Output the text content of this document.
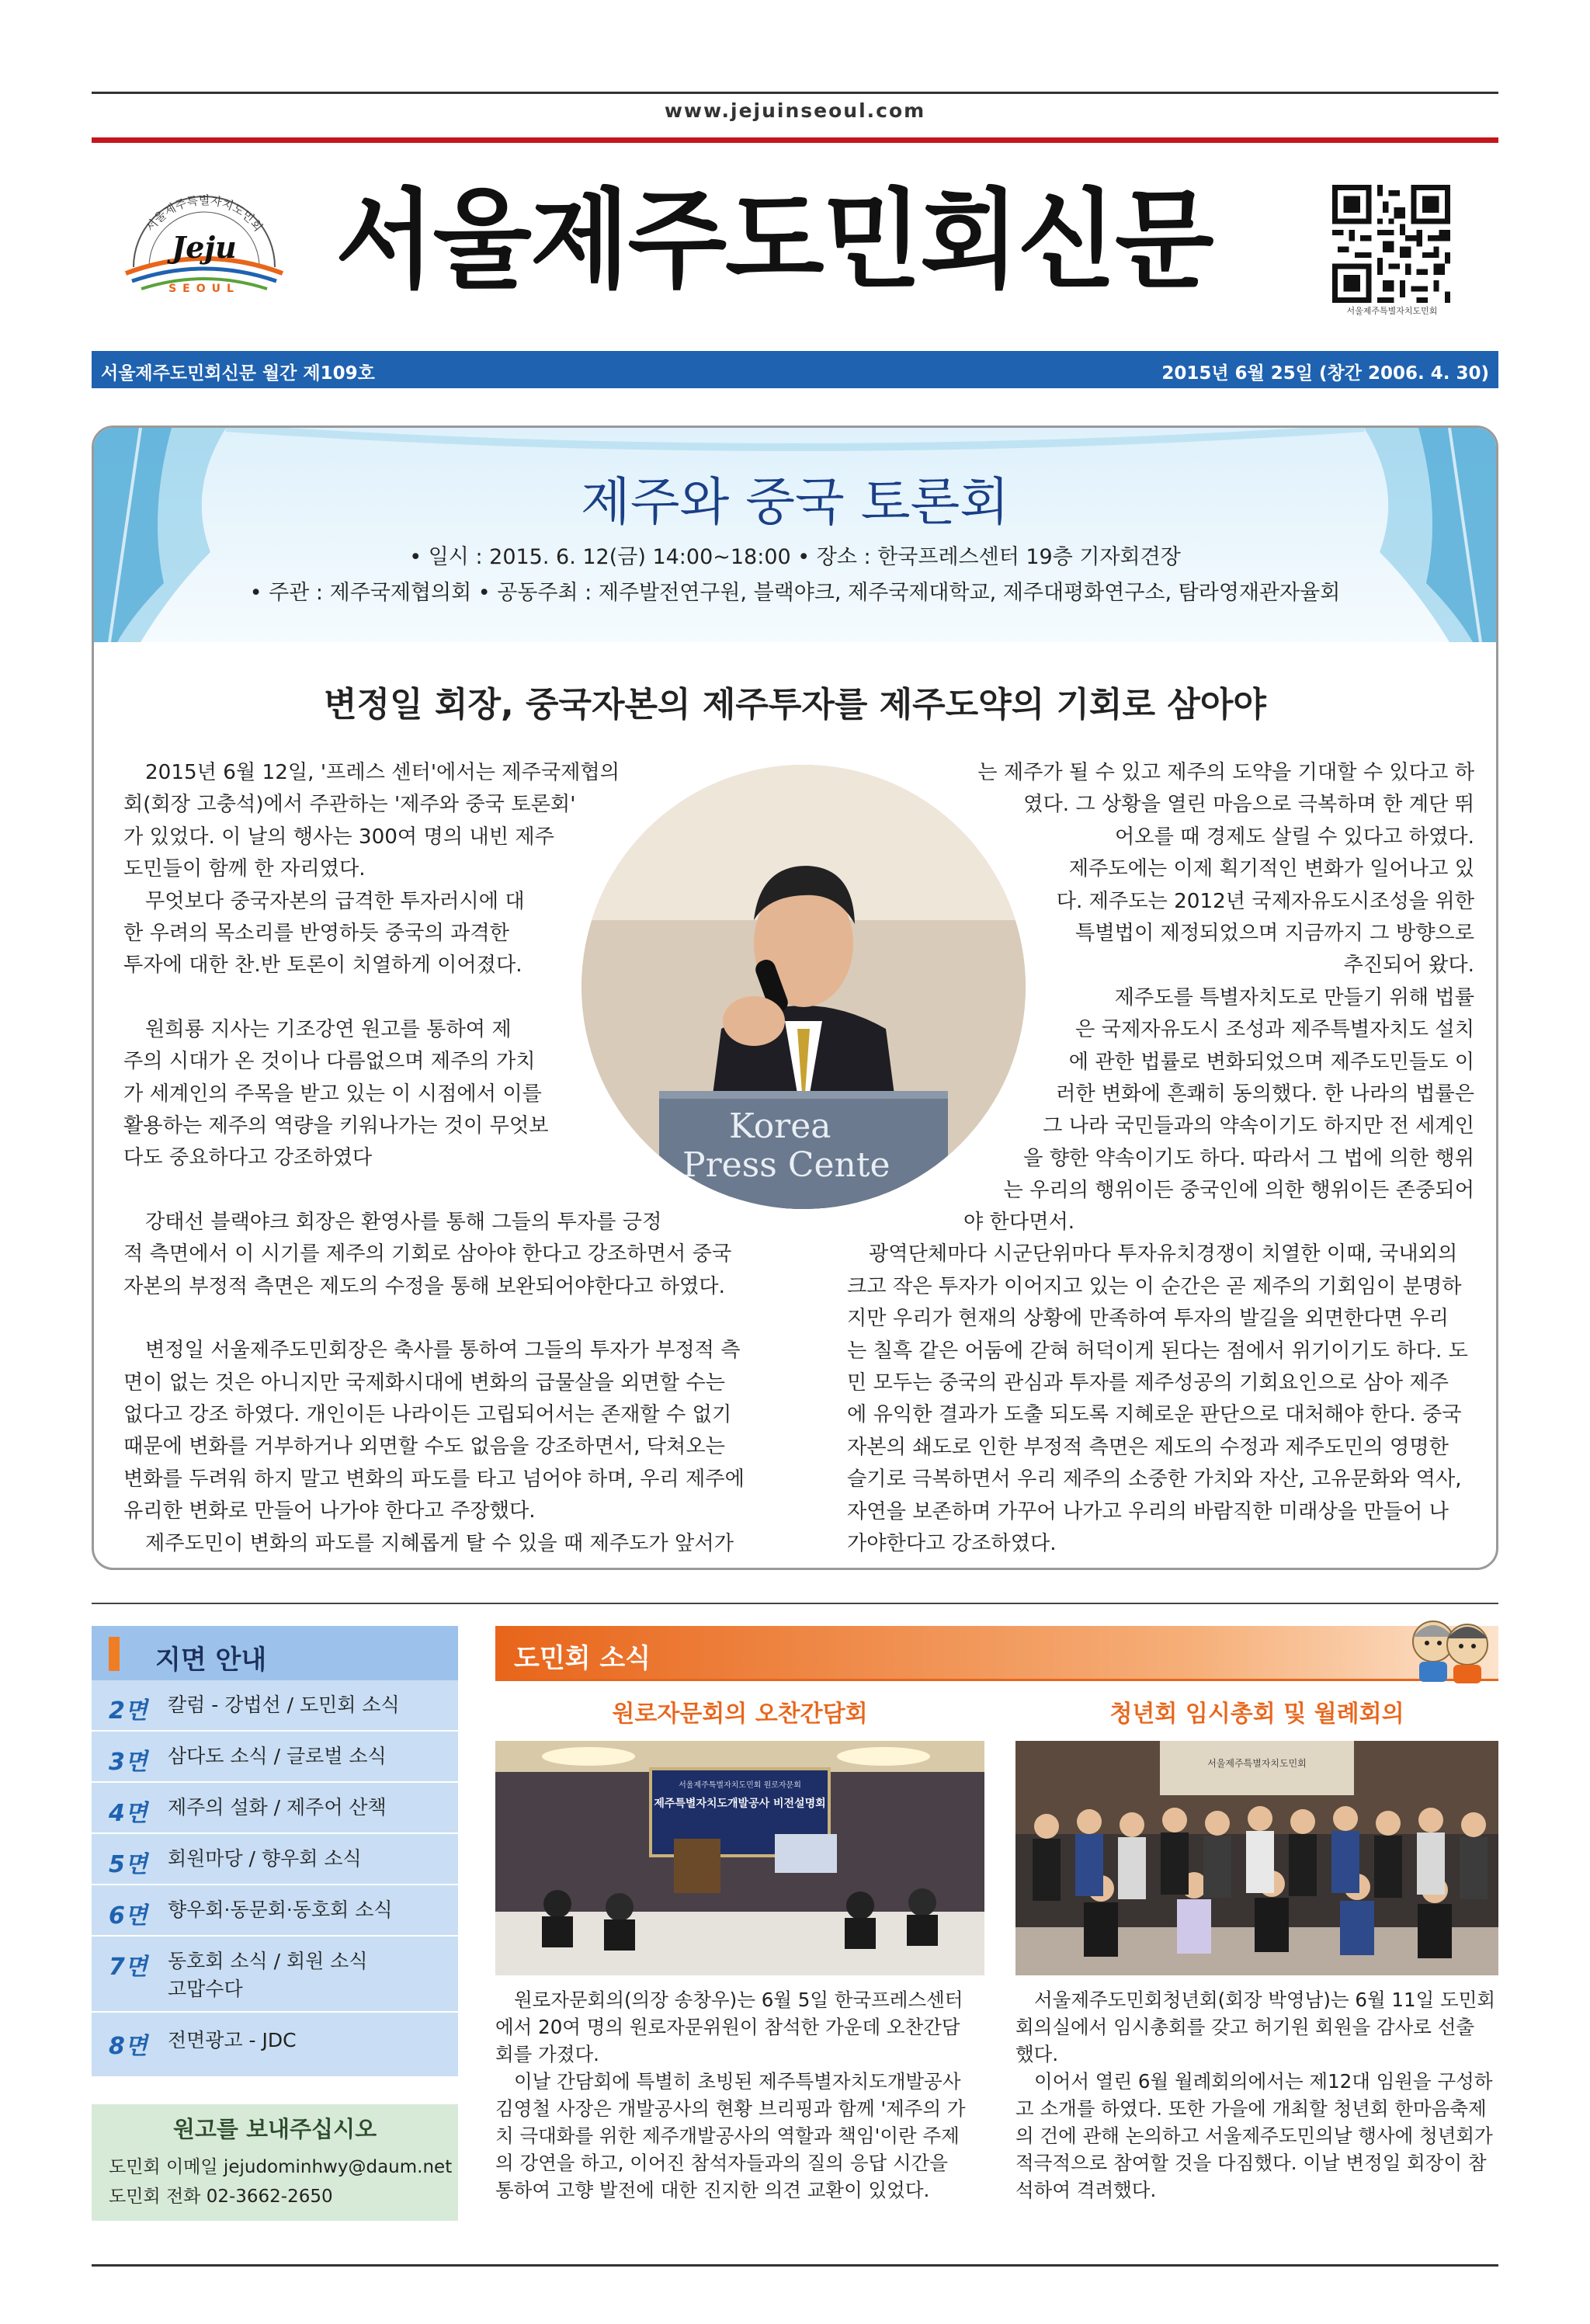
www.jejuinseoul.com
서울제주특별자치도민회
Jeju
SEOUL 서울제주도민회신문
서울제주특별자치도민회
서울제주도민회신문 월간 제109호	2015년 6월 25일 (창간 2006. 4. 30)
제주와 중국 토론회
• 일시 : 2015. 6. 12(금) 14:00~18:00 • 장소 : 한국프레스센터 19층 기자회견장
• 주관 : 제주국제협의회 • 공동주최 : 제주발전연구원, 블랙야크, 제주국제대학교, 제주대평화연구소, 탐라영재관자율회
변정일 회장, 중국자본의 제주투자를 제주도약의 기회로 삼아야

2015년 6월 12일, '프레스 센터'에서는 제주국제협의

회(회장 고충석)에서 주관하는 '제주와 중국 토론회'

가 있었다. 이 날의 행사는 300여 명의 내빈 제주

도민들이 함께 한 자리였다.

무엇보다 중국자본의 급격한 투자러시에 대

한 우려의 목소리를 반영하듯 중국의 과격한

투자에 대한 찬.반 토론이 치열하게 이어졌다.

원희룡 지사는 기조강연 원고를 통하여 제

주의 시대가 온 것이나 다름없으며 제주의 가치

가 세계인의 주목을 받고 있는 이 시점에서 이를

활용하는 제주의 역량을 키워나가는 것이 무엇보

다도 중요하다고 강조하였다

강태선 블랙야크 회장은 환영사를 통해 그들의 투자를 긍정

적 측면에서 이 시기를 제주의 기회로 삼아야 한다고 강조하면서 중국

자본의 부정적 측면은 제도의 수정을 통해 보완되어야한다고 하였다.

변정일 서울제주도민회장은 축사를 통하여 그들의 투자가 부정적 측

면이 없는 것은 아니지만 국제화시대에 변화의 급물살을 외면할 수는

없다고 강조 하였다. 개인이든 나라이든 고립되어서는 존재할 수 없기

때문에 변화를 거부하거나 외면할 수도 없음을 강조하면서, 닥쳐오는

변화를 두려워 하지 말고 변화의 파도를 타고 넘어야 하며, 우리 제주에

유리한 변화로 만들어 나가야 한다고 주장했다.

제주도민이 변화의 파도를 지혜롭게 탈 수 있을 때 제주도가 앞서가

는 제주가 될 수 있고 제주의 도약을 기대할 수 있다고 하

였다. 그 상황을 열린 마음으로 극복하며 한 계단 뛰

어오를 때 경제도 살릴 수 있다고 하였다.

제주도에는 이제 획기적인 변화가 일어나고 있

다. 제주도는 2012년 국제자유도시조성을 위한

특별법이 제정되었으며 지금까지 그 방향으로

추진되어 왔다.

제주도를 특별자치도로 만들기 위해 법률

은 국제자유도시 조성과 제주특별자치도 설치

에 관한 법률로 변화되었으며 제주도민들도 이

러한 변화에 흔쾌히 동의했다. 한 나라의 법률은

그 나라 국민들과의 약속이기도 하지만 전 세계인

을 향한 약속이기도 하다. 따라서 그 법에 의한 행위

는 우리의 행위이든 중국인에 의한 행위이든 존중되어

야 한다면서.

광역단체마다 시군단위마다 투자유치경쟁이 치열한 이때, 국내외의

크고 작은 투자가 이어지고 있는 이 순간은 곧 제주의 기회임이 분명하

지만 우리가 현재의 상황에 만족하여 투자의 발길을 외면한다면 우리

는 칠흑 같은 어둠에 갇혀 허덕이게 된다는 점에서 위기이기도 하다. 도

민 모두는 중국의 관심과 투자를 제주성공의 기회요인으로 삼아 제주

에 유익한 결과가 도출 되도록 지혜로운 판단으로 대처해야 한다. 중국

자본의 쇄도로 인한 부정적 측면은 제도의 수정과 제주도민의 영명한

슬기로 극복하면서 우리 제주의 소중한 가치와 자산, 고유문화와 역사,

자연을 보존하며 가꾸어 나가고 우리의 바람직한 미래상을 만들어 나

가야한다고 강조하였다.

Korea
Press Cente
지면 안내
2면 칼럼 - 강법선 / 도민회 소식
3면 삼다도 소식 / 글로벌 소식
4면 제주의 설화 / 제주어 산책
5면 회원마당 / 향우회 소식
6면 향우회·동문회·동호회 소식
7면 동호회 소식 / 회원 소식
고맙수다
8면 전면광고 - JDC
원고를 보내주십시오
도민회 이메일 jejudominhwy@daum.net
도민회 전화 02-3662-2650
도민회 소식
원로자문회의 오찬간담회
서울제주특별자치도민회 원로자문회
제주특별자치도개발공사 비전설명회

원로자문회의(의장 송창우)는 6월 5일 한국프레스센터

에서 20여 명의 원로자문위원이 참석한 가운데 오찬간담

회를 가졌다.

이날 간담회에 특별히 초빙된 제주특별자치도개발공사

김영철 사장은 개발공사의 현황 브리핑과 함께 '제주의 가

치 극대화를 위한 제주개발공사의 역할과 책임'이란 주제

의 강연을 하고, 이어진 참석자들과의 질의 응답 시간을

통하여 고향 발전에 대한 진지한 의견 교환이 있었다.

청년회 임시총회 및 월례회의
서울제주특별자치도민회

서울제주도민회청년회(회장 박영남)는 6월 11일 도민회

회의실에서 임시총회를 갖고 허기원 회원을 감사로 선출

했다.

이어서 열린 6월 월례회의에서는 제12대 임원을 구성하

고 소개를 하였다. 또한 가을에 개최할 청년회 한마음축제

의 건에 관해 논의하고 서울제주도민의날 행사에 청년회가

적극적으로 참여할 것을 다짐했다. 이날 변정일 회장이 참

석하여 격려했다.
